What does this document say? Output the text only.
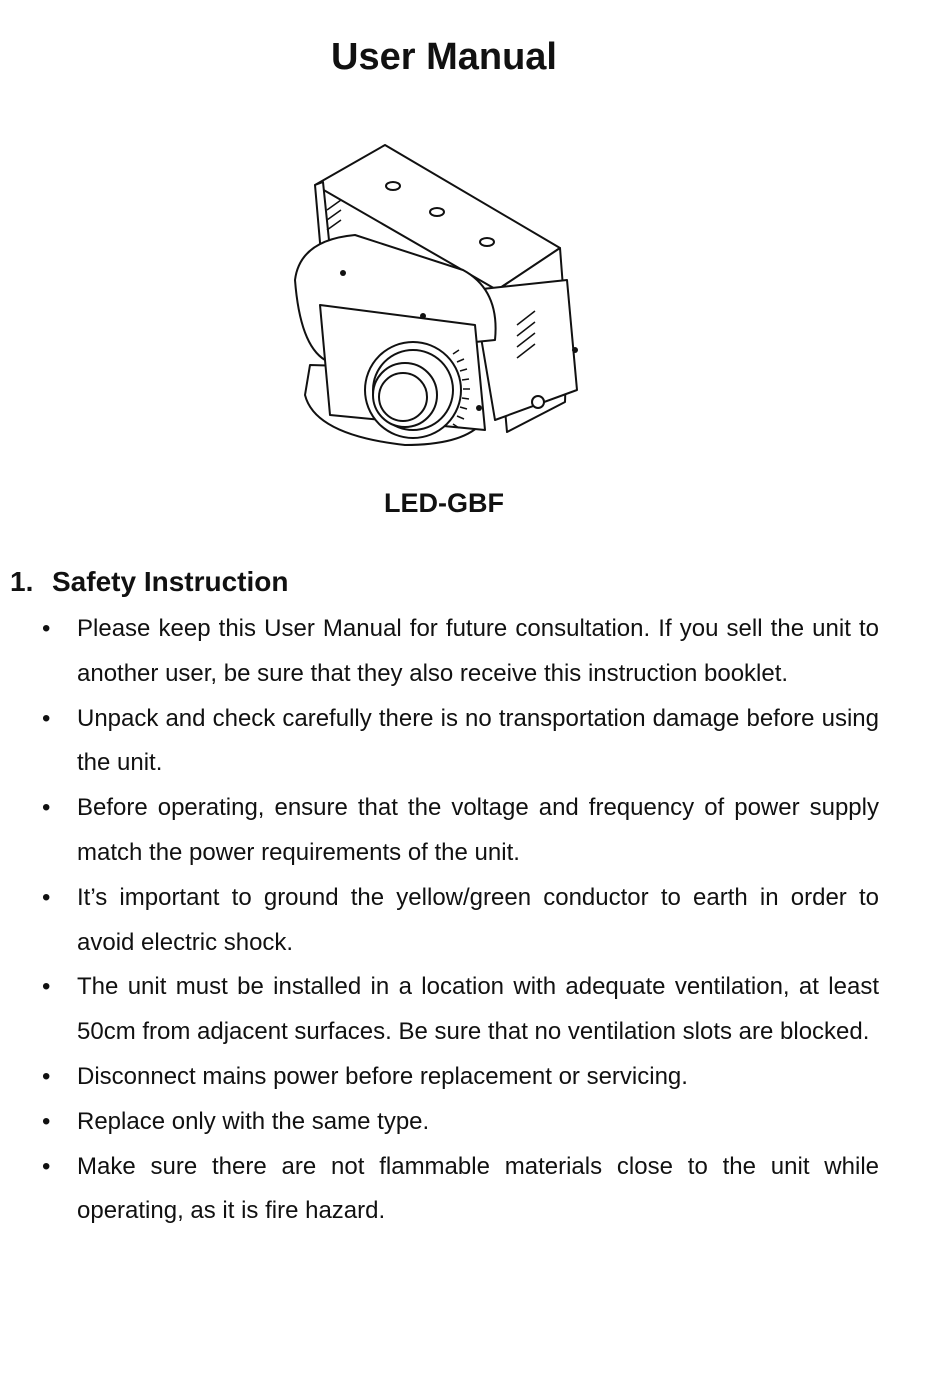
User Manual
LED-GBF
1. Safety Instruction
• Please keep this User Manual for future consultation. If you sell the unit to another user, be sure that they also receive this instruction booklet.
• Unpack and check carefully there is no transportation damage before using the unit.
• Before operating, ensure that the voltage and frequency of power supply match the power requirements of the unit.
• It’s important to ground the yellow/green conductor to earth in order to avoid electric shock.
• The unit must be installed in a location with adequate ventilation, at least 50cm from adjacent surfaces. Be sure that no ventilation slots are blocked.
• Disconnect mains power before replacement or servicing.
• Replace only with the same type.
• Make sure there are not flammable materials close to the unit while operating, as it is fire hazard.
